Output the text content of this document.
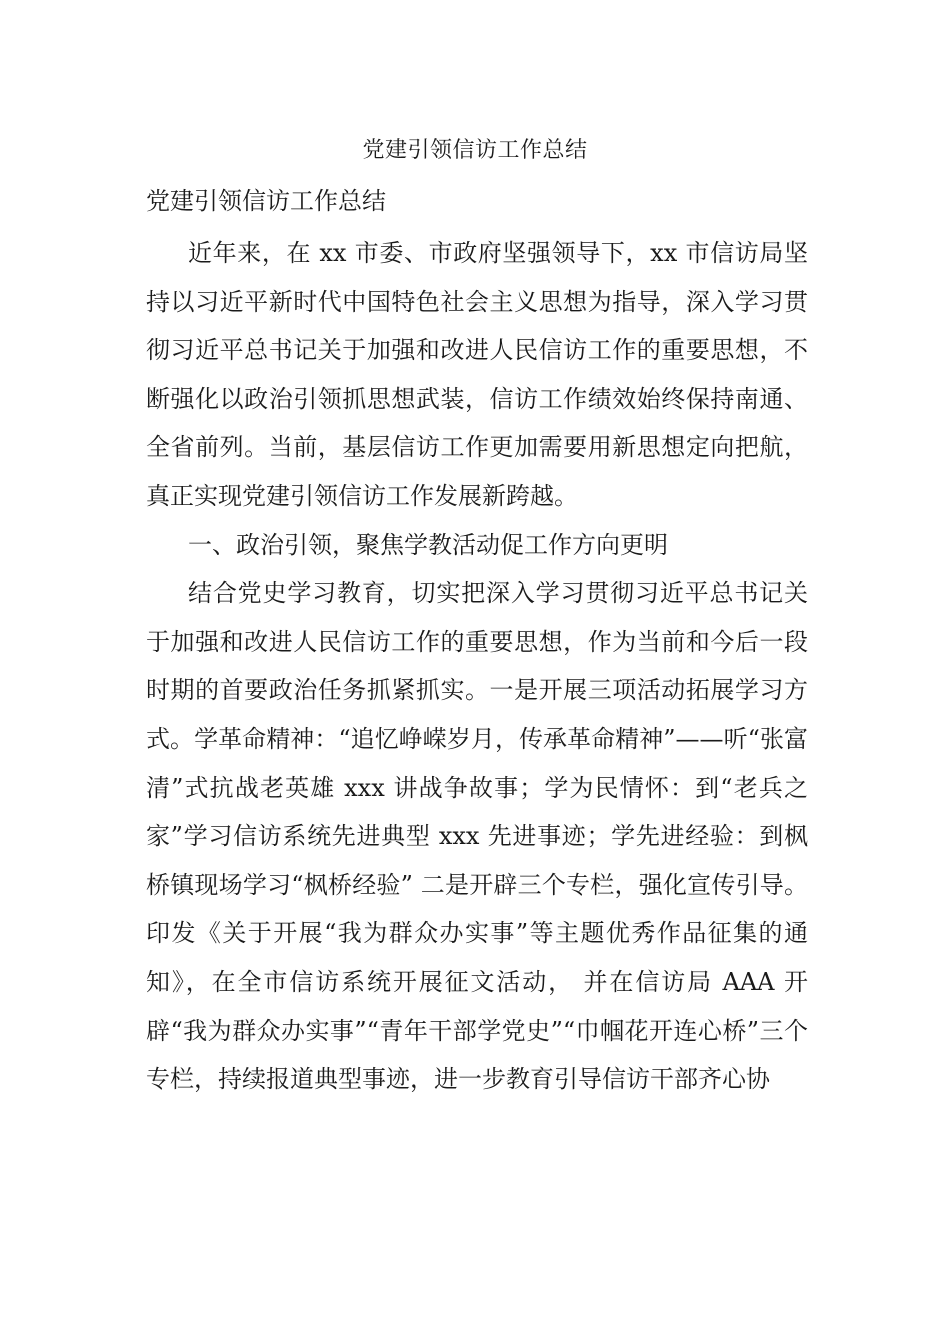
党建引领信访工作总结
党建引领信访工作总结

近年来，在 xx 市委、市政府坚强领导下，xx 市信访局坚持以习近平新时代中国特色社会主义思想为指导，深入学习贯彻习近平总书记关于加强和改进人民信访工作的重要思想，不断强化以政治引领抓思想武装，信访工作绩效始终保持南通、全省前列。当前，基层信访工作更加需要用新思想定向把航， 真正实现党建引领信访工作发展新跨越。

一、政治引领，聚焦学教活动促工作方向更明

结合党史学习教育，切实把深入学习贯彻习近平总书记关于加强和改进人民信访工作的重要思想，作为当前和今后一段时期的首要政治任务抓紧抓实。一是开展三项活动拓展学习方式。学革命精神：“追忆峥嵘岁月，传承革命精神”——听“张富清”式抗战老英雄 xxx 讲战争故事；学为民情怀：到“老兵之家”学习信访系统先进典型 xxx 先进事迹；学先进经验：到枫桥镇现场学习“枫桥经验” 二是开辟三个专栏，强化宣传引导。印发《关于开展“我为群众办实事”等主题优秀作品征集的通知》，在全市信访系统开展征文活动， 并在信访局 AAA 开辟“我为群众办实事”“青年干部学党史”“巾帼花开连心桥”三个专栏，持续报道典型事迹，进一步教育引导信访干部齐心协
